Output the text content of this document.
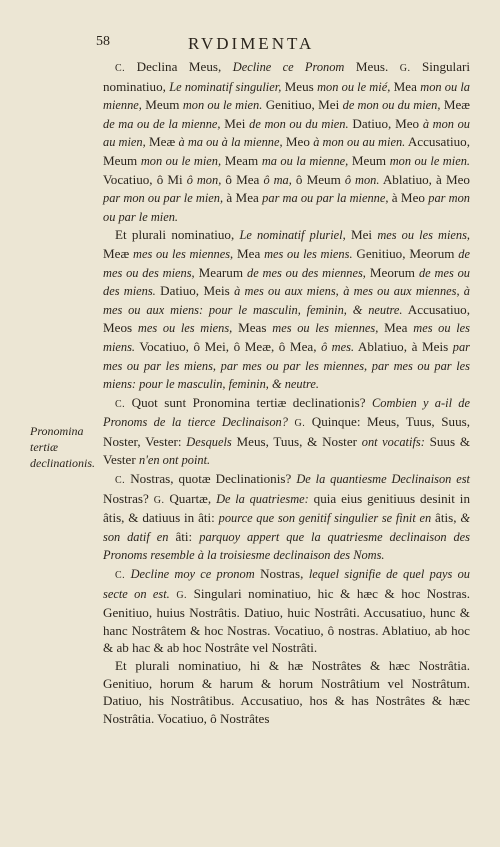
58	RVDIMENTA
Pronomina tertiæ declinationis.

C. Declina Meus, Decline ce Pronom Meus. G. Singulari nominatiuo, Le nominatif singulier, Meus mon ou le mié, Mea mon ou la mienne, Meum mon ou le mien. Genitiuo, Mei de mon ou du mien, Meæ de ma ou de la mienne, Mei de mon ou du mien. Datiuo, Meo à mon ou au mien, Meæ à ma ou à la mienne, Meo à mon ou au mien. Accusatiuo, Meum mon ou le mien, Meam ma ou la mienne, Meum mon ou le mien. Vocatiuo, ô Mi ô mon, ô Mea ô ma, ô Meum ô mon. Ablatiuo, à Meo par mon ou par le mien, à Mea par ma ou par la mienne, à Meo par mon ou par le mien.

Et plurali nominatiuo, Le nominatif pluriel, Mei mes ou les miens, Meæ mes ou les miennes, Mea mes ou les miens. Genitiuo, Meorum de mes ou des miens, Mearum de mes ou des miennes, Meorum de mes ou des miens. Datiuo, Meis à mes ou aux miens, à mes ou aux miennes, à mes ou aux miens: pour le masculin, feminin, & neutre. Accusatiuo, Meos mes ou les miens, Meas mes ou les miennes, Mea mes ou les miens. Vocatiuo, ô Mei, ô Meæ, ô Mea, ô mes. Ablatiuo, à Meis par mes ou par les miens, par mes ou par les miennes, par mes ou par les miens: pour le masculin, feminin, & neutre.

C. Quot sunt Pronomina tertiæ declinationis? Combien y a-il de Pronoms de la tierce Declinaison? G. Quinque: Meus, Tuus, Suus, Noster, Vester: Desquels Meus, Tuus, & Noster ont vocatifs: Suus & Vester n'en ont point.

C. Nostras, quotæ Declinationis? De la quantiesme Declinaison est Nostras? G. Quartæ, De la quatriesme: quia eius genitiuus desinit in âtis, & datiuus in âti: pource que son genitif singulier se finit en âtis, & son datif en âti: parquoy appert que la quatriesme declinaison des Pronoms resemble à la troisiesme declinaison des Noms.

C. Decline moy ce pronom Nostras, lequel signifie de quel pays ou secte on est. G. Singulari nominatiuo, hic & hæc & hoc Nostras. Genitiuo, huius Nostrâtis. Datiuo, huic Nostrâti. Accusatiuo, hunc & hanc Nostrâtem & hoc Nostras. Vocatiuo, ô nostras. Ablatiuo, ab hoc & ab hac & ab hoc Nostrâte vel Nostrâti.

Et plurali nominatiuo, hi & hæ Nostrâtes & hæc Nostrâtia. Genitiuo, horum & harum & horum Nostrâtium vel Nostrâtum. Datiuo, his Nostrâtibus. Accusatiuo, hos & has Nostrâtes & hæc Nostrâtia. Vocatiuo, ô Nostrâtes
